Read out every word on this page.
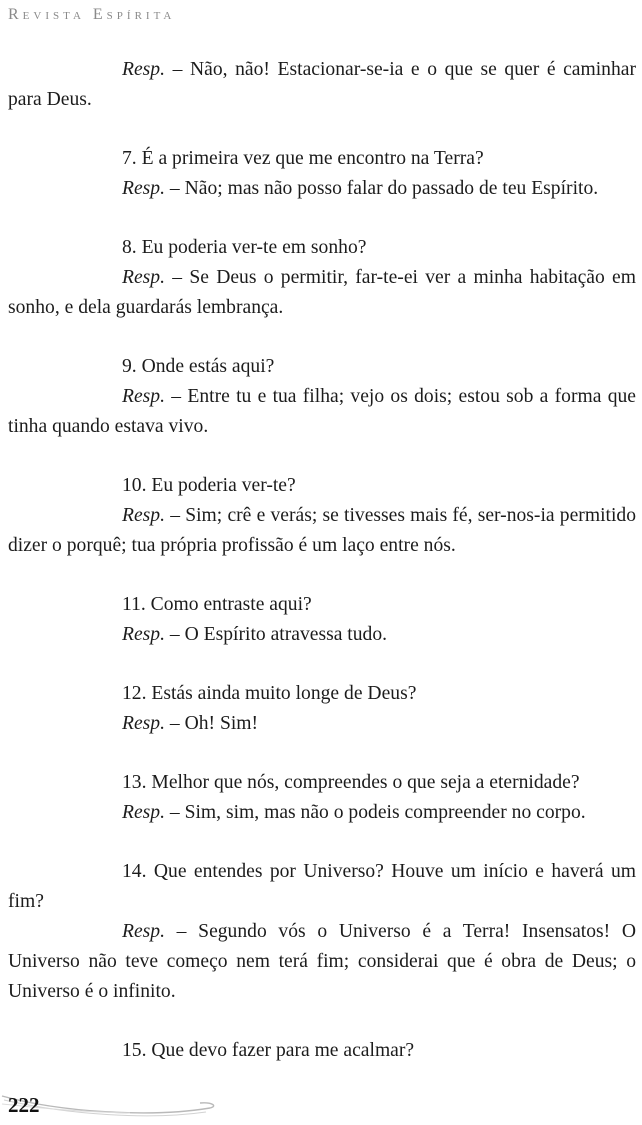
Revista Espírita

Resp. – Não, não! Estacionar-se-ia e o que se quer é caminhar para Deus.

7. É a primeira vez que me encontro na Terra?

Resp. – Não; mas não posso falar do passado de teu Espírito.

8. Eu poderia ver-te em sonho?

Resp. – Se Deus o permitir, far-te-ei ver a minha habitação em sonho, e dela guardarás lembrança.

9. Onde estás aqui?

Resp. – Entre tu e tua filha; vejo os dois; estou sob a forma que tinha quando estava vivo.

10. Eu poderia ver-te?

Resp. – Sim; crê e verás; se tivesses mais fé, ser-nos-ia permitido dizer o porquê; tua própria profissão é um laço entre nós.

11. Como entraste aqui?

Resp. – O Espírito atravessa tudo.

12. Estás ainda muito longe de Deus?

Resp. – Oh! Sim!

13. Melhor que nós, compreendes o que seja a eternidade?

Resp. – Sim, sim, mas não o podeis compreender no corpo.

14. Que entendes por Universo? Houve um início e haverá um fim?

Resp. – Segundo vós o Universo é a Terra! Insensatos! O Universo não teve começo nem terá fim; considerai que é obra de Deus; o Universo é o infinito.

15. Que devo fazer para me acalmar?

222
